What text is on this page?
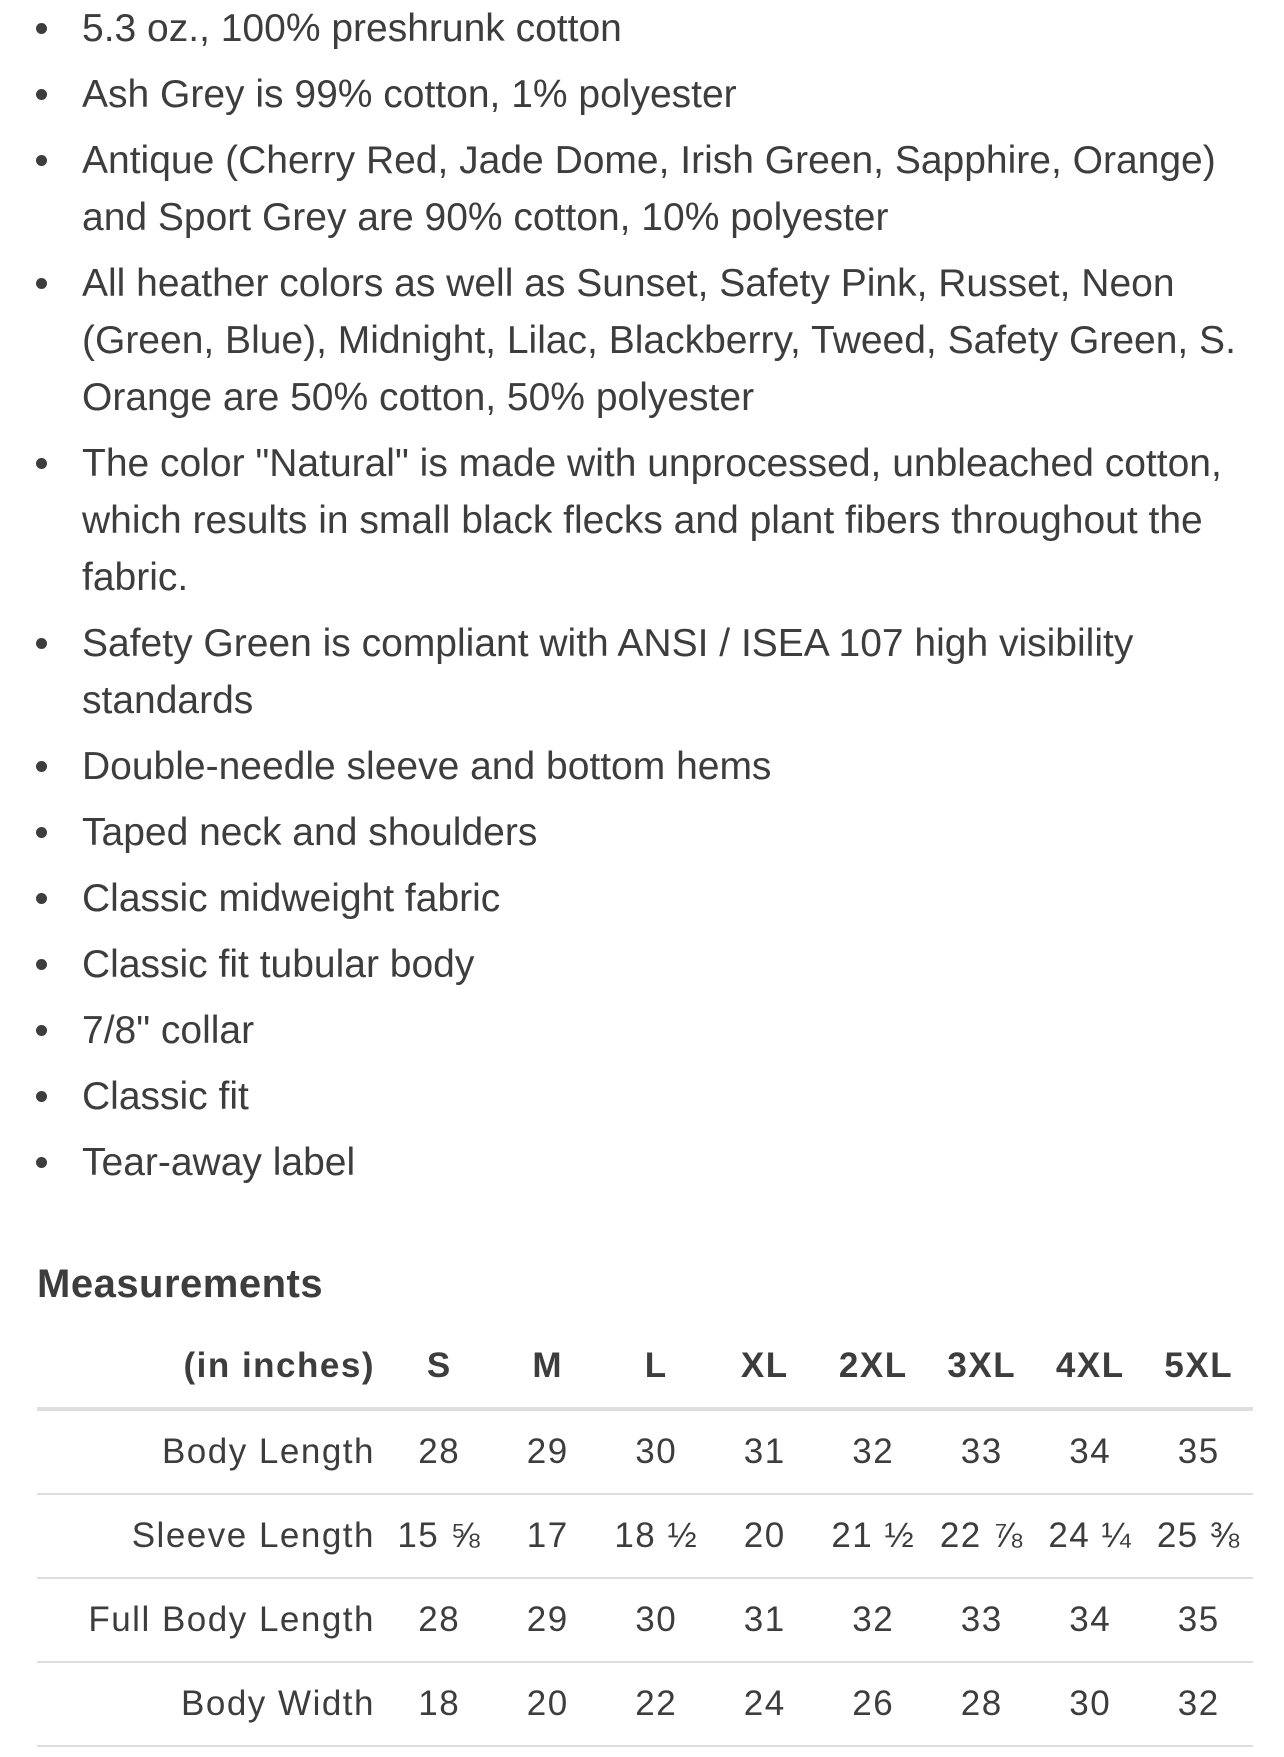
5.3 oz., 100% preshrunk cotton
Ash Grey is 99% cotton, 1% polyester
Antique (Cherry Red, Jade Dome, Irish Green, Sapphire, Orange) and Sport Grey are 90% cotton, 10% polyester
All heather colors as well as Sunset, Safety Pink, Russet, Neon (Green, Blue), Midnight, Lilac, Blackberry, Tweed, Safety Green, S. Orange are 50% cotton, 50% polyester
The color "Natural" is made with unprocessed, unbleached cotton, which results in small black flecks and plant fibers throughout the fabric.
Safety Green is compliant with ANSI / ISEA 107 high visibility standards
Double-needle sleeve and bottom hems
Taped neck and shoulders
Classic midweight fabric
Classic fit tubular body
7/8" collar
Classic fit
Tear-away label
Measurements
(in inches)	S	M	L	XL	2XL	3XL	4XL	5XL
Body Length	28	29	30	31	32	33	34	35
Sleeve Length	15 ⅝	17	18 ½	20	21 ½	22 ⅞	24 ¼	25 ⅜
Full Body Length	28	29	30	31	32	33	34	35
Body Width	18	20	22	24	26	28	30	32
